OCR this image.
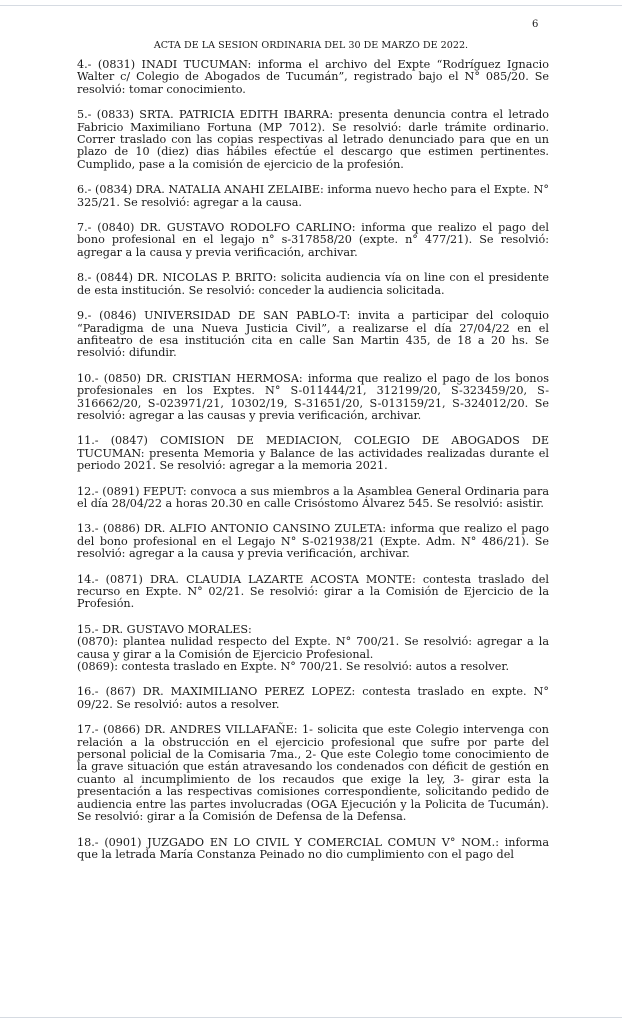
6
ACTA DE LA SESION ORDINARIA DEL 30 DE MARZO DE 2022.

4.- (0831) INADI TUCUMAN: informa el archivo del Expte “Rodríguez Ignacio Walter c/ Colegio de Abogados de Tucumán”, registrado bajo el N° 085/20. Se resolvió: tomar conocimiento.

5.- (0833) SRTA. PATRICIA EDITH IBARRA: presenta denuncia contra el letrado Fabricio Maximiliano Fortuna (MP 7012). Se resolvió: darle trámite ordinario. Correr traslado con las copias respectivas al letrado denunciado para que en un plazo de 10 (diez) dias hábiles efectúe el descargo que estimen pertinentes. Cumplido, pase a la comisión de ejercicio de la profesión.

6.- (0834) DRA. NATALIA ANAHI ZELAIBE: informa nuevo hecho para el Expte. N° 325/21. Se resolvió: agregar a la causa.

7.- (0840) DR. GUSTAVO RODOLFO CARLINO: informa que realizo el pago del bono profesional en el legajo n° s-317858/20 (expte. n° 477/21). Se resolvió: agregar a la causa y previa verificación, archivar.

8.- (0844) DR. NICOLAS P. BRITO: solicita audiencia vía on line con el presidente de esta institución. Se resolvió: conceder la audiencia solicitada.

9.- (0846) UNIVERSIDAD DE SAN PABLO-T: invita a participar del coloquio “Paradigma de una Nueva Justicia Civil”, a realizarse el día 27/04/22 en el anfiteatro de esa institución cita en calle San Martin 435, de 18 a 20 hs. Se resolvió: difundir.

10.- (0850) DR. CRISTIAN HERMOSA: informa que realizo el pago de los bonos profesionales en los Exptes. N° S-011444/21, 312199/20, S-323459/20, S- 316662/20, S-023971/21, 10302/19, S-31651/20, S-013159/21, S-324012/20. Se resolvió: agregar a las causas y previa verificación, archivar.

11.- (0847) COMISION DE MEDIACION, COLEGIO DE ABOGADOS DE TUCUMAN: presenta Memoria y Balance de las actividades realizadas durante el periodo 2021. Se resolvió: agregar a la memoria 2021.

12.- (0891) FEPUT: convoca a sus miembros a la Asamblea General Ordinaria para el día 28/04/22 a horas 20.30 en calle Crisóstomo Álvarez 545. Se resolvió: asistir.

13.- (0886) DR. ALFIO ANTONIO CANSINO ZULETA: informa que realizo el pago del bono profesional en el Legajo N° S-021938/21 (Expte. Adm. N° 486/21). Se resolvió: agregar a la causa y previa verificación, archivar.

14.- (0871) DRA. CLAUDIA LAZARTE ACOSTA MONTE: contesta traslado del recurso en Expte. N° 02/21. Se resolvió: girar a la Comisión de Ejercicio de la Profesión.

15.- DR. GUSTAVO MORALES:

(0870): plantea nulidad respecto del Expte. N° 700/21. Se resolvió: agregar a la causa y girar a la Comisión de Ejercicio Profesional.

(0869): contesta traslado en Expte. N° 700/21. Se resolvió: autos a resolver.

16.- (867) DR. MAXIMILIANO PEREZ LOPEZ: contesta traslado en expte. N° 09/22. Se resolvió: autos a resolver.

17.- (0866) DR. ANDRES VILLAFAÑE: 1- solicita que este Colegio intervenga con relación a la obstrucción en el ejercicio profesional que sufre por parte del personal policial de la Comisaria 7ma., 2- Que este Colegio tome conocimiento de la grave situación que están atravesando los condenados con déficit de gestión en cuanto al incumplimiento de los recaudos que exige la ley, 3- girar esta la presentación a las respectivas comisiones correspondiente, solicitando pedido de audiencia entre las partes involucradas (OGA Ejecución y la Policita de Tucumán). Se resolvió: girar a la Comisión de Defensa de la Defensa.

18.- (0901) JUZGADO EN LO CIVIL Y COMERCIAL COMUN V° NOM.: informa que la letrada María Constanza Peinado no dio cumplimiento con el pago del
